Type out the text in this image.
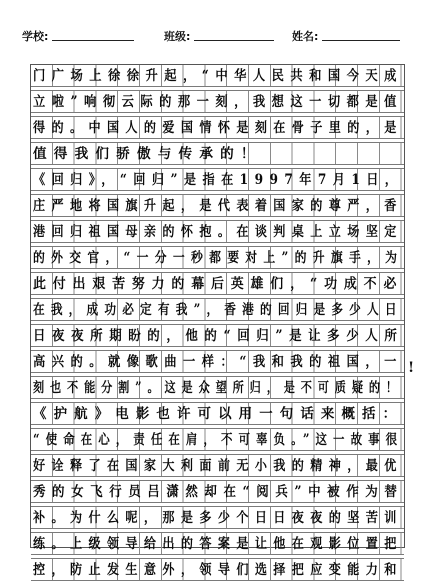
学校:	班级:	姓名:
门广场上徐徐升起，“中华人民共和国今天成
立啦”响彻云际的那一刻，我想这一切都是值
得的。中国人的爱国情怀是刻在骨子里的，是
值得我们骄傲与传承的！
《回归》，“回归”是指在1997年7月1日，
庄严地将国旗升起，是代表着国家的尊严，香
港回归祖国母亲的怀抱。在谈判桌上立场坚定
的外交官，“一分一秒都要对上”的升旗手，为
此付出艰苦努力的幕后英雄们，“功成不必
在我，成功必定有我”，香港的回归是多少人日
日夜夜所期盼的，他的“回归”是让多少人所
高兴的。就像歌曲一样：“我和我的祖国，一
刻也不能分割”。这是众望所归，是不可质疑的！
《护航》电影也许可以用一句话来概括：
“使命在心，责任在肩，不可辜负。”这一故事很
好诠释了在国家大利面前无小我的精神，最优
秀的女飞行员吕潇然却在“阅兵”中被作为替
补。为什么呢，那是多少个日日夜夜的坚苦训
练。上级领导给出的答案是让他在观影位置把
控，防止发生意外，领导们选择把应变能力和
!
